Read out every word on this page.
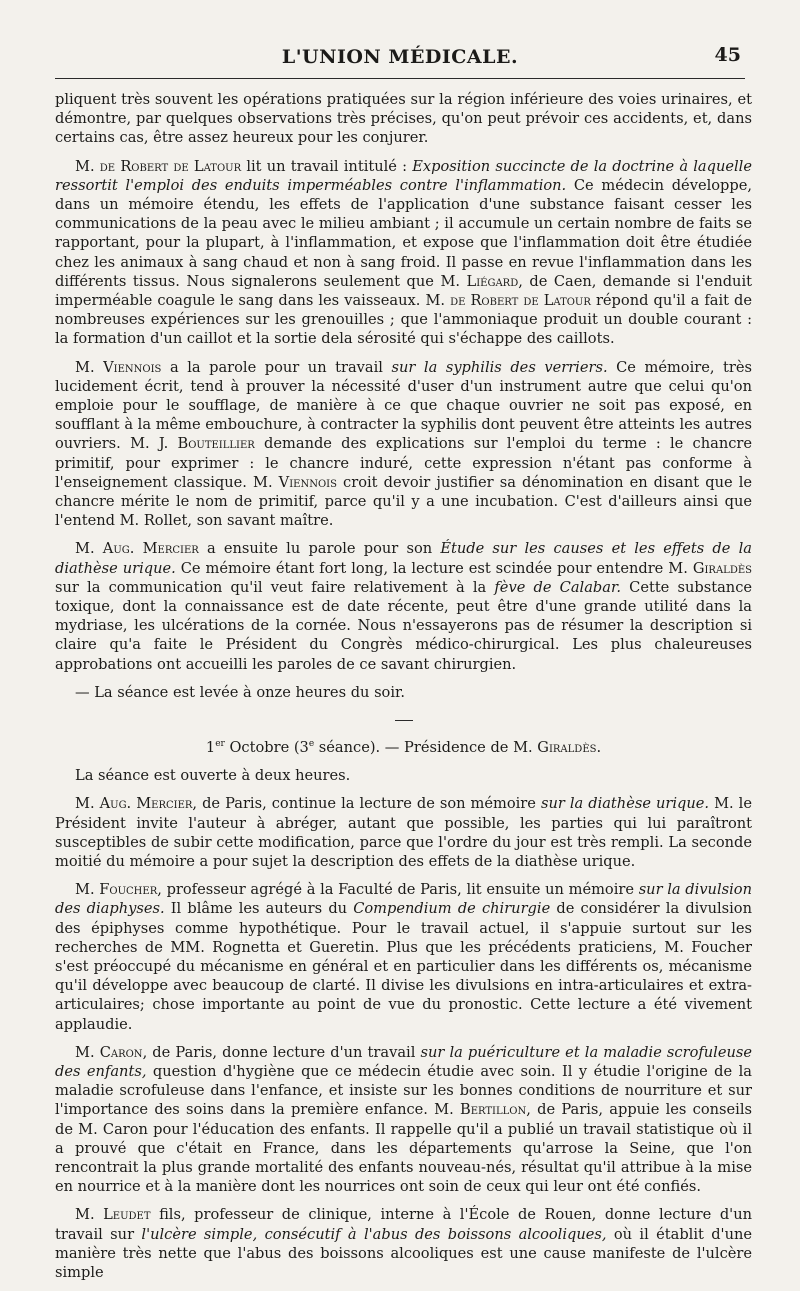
L'UNION MÉDICALE.	45

pliquent très souvent les opérations pratiquées sur la région inférieure des voies urinaires, et démontre, par quelques observations très précises, qu'on peut prévoir ces accidents, et, dans certains cas, être assez heureux pour les conjurer.

M. de Robert de Latour lit un travail intitulé : Exposition succincte de la doctrine à laquelle ressortit l'emploi des enduits imperméables contre l'inflammation. Ce médecin développe, dans un mémoire étendu, les effets de l'application d'une substance faisant cesser les communications de la peau avec le milieu ambiant ; il accumule un certain nombre de faits se rapportant, pour la plupart, à l'inflammation, et expose que l'inflammation doit être étudiée chez les animaux à sang chaud et non à sang froid. Il passe en revue l'inflammation dans les différents tissus. Nous signalerons seulement que M. Liégard, de Caen, demande si l'enduit imperméable coagule le sang dans les vaisseaux. M. de Robert de Latour répond qu'il a fait de nombreuses expériences sur les grenouilles ; que l'ammoniaque produit un double courant : la formation d'un caillot et la sortie dela sérosité qui s'échappe des caillots.

M. Viennois a la parole pour un travail sur la syphilis des verriers. Ce mémoire, très lucidement écrit, tend à prouver la nécessité d'user d'un instrument autre que celui qu'on emploie pour le soufflage, de manière à ce que chaque ouvrier ne soit pas exposé, en soufflant à la même embouchure, à contracter la syphilis dont peuvent être atteints les autres ouvriers. M. J. Bouteillier demande des explications sur l'emploi du terme : le chancre primitif, pour exprimer : le chancre induré, cette expression n'étant pas conforme à l'enseignement classique. M. Viennois croit devoir justifier sa dénomination en disant que le chancre mérite le nom de primitif, parce qu'il y a une incubation. C'est d'ailleurs ainsi que l'entend M. Rollet, son savant maître.

M. Aug. Mercier a ensuite lu parole pour son Étude sur les causes et les effets de la diathèse urique. Ce mémoire étant fort long, la lecture est scindée pour entendre M. Giraldès sur la communication qu'il veut faire relativement à la fève de Calabar. Cette substance toxique, dont la connaissance est de date récente, peut être d'une grande utilité dans la mydriase, les ulcérations de la cornée. Nous n'essayerons pas de résumer la description si claire qu'a faite le Président du Congrès médico-chirurgical. Les plus chaleureuses approbations ont accueilli les paroles de ce savant chirurgien.

— La séance est levée à onze heures du soir.

1er Octobre (3e séance). — Présidence de M. Giraldès.

La séance est ouverte à deux heures.

M. Aug. Mercier, de Paris, continue la lecture de son mémoire sur la diathèse urique. M. le Président invite l'auteur à abréger, autant que possible, les parties qui lui paraîtront susceptibles de subir cette modification, parce que l'ordre du jour est très rempli. La seconde moitié du mémoire a pour sujet la description des effets de la diathèse urique.

M. Foucher, professeur agrégé à la Faculté de Paris, lit ensuite un mémoire sur la divulsion des diaphyses. Il blâme les auteurs du Compendium de chirurgie de considérer la divulsion des épiphyses comme hypothétique. Pour le travail actuel, il s'appuie surtout sur les recherches de MM. Rognetta et Gueretin. Plus que les précédents praticiens, M. Foucher s'est préoccupé du mécanisme en général et en particulier dans les différents os, mécanisme qu'il développe avec beaucoup de clarté. Il divise les divulsions en intra-articulaires et extra-articulaires; chose importante au point de vue du pronostic. Cette lecture a été vivement applaudie.

M. Caron, de Paris, donne lecture d'un travail sur la puériculture et la maladie scrofuleuse des enfants, question d'hygiène que ce médecin étudie avec soin. Il y étudie l'origine de la maladie scrofuleuse dans l'enfance, et insiste sur les bonnes conditions de nourriture et sur l'importance des soins dans la première enfance. M. Bertillon, de Paris, appuie les conseils de M. Caron pour l'éducation des enfants. Il rappelle qu'il a publié un travail statistique où il a prouvé que c'était en France, dans les départements qu'arrose la Seine, que l'on rencontrait la plus grande mortalité des enfants nouveau-nés, résultat qu'il attribue à la mise en nourrice et à la manière dont les nourrices ont soin de ceux qui leur ont été confiés.

M. Leudet fils, professeur de clinique, interne à l'École de Rouen, donne lecture d'un travail sur l'ulcère simple, consécutif à l'abus des boissons alcooliques, où il établit d'une manière très nette que l'abus des boissons alcooliques est une cause manifeste de l'ulcère simple
